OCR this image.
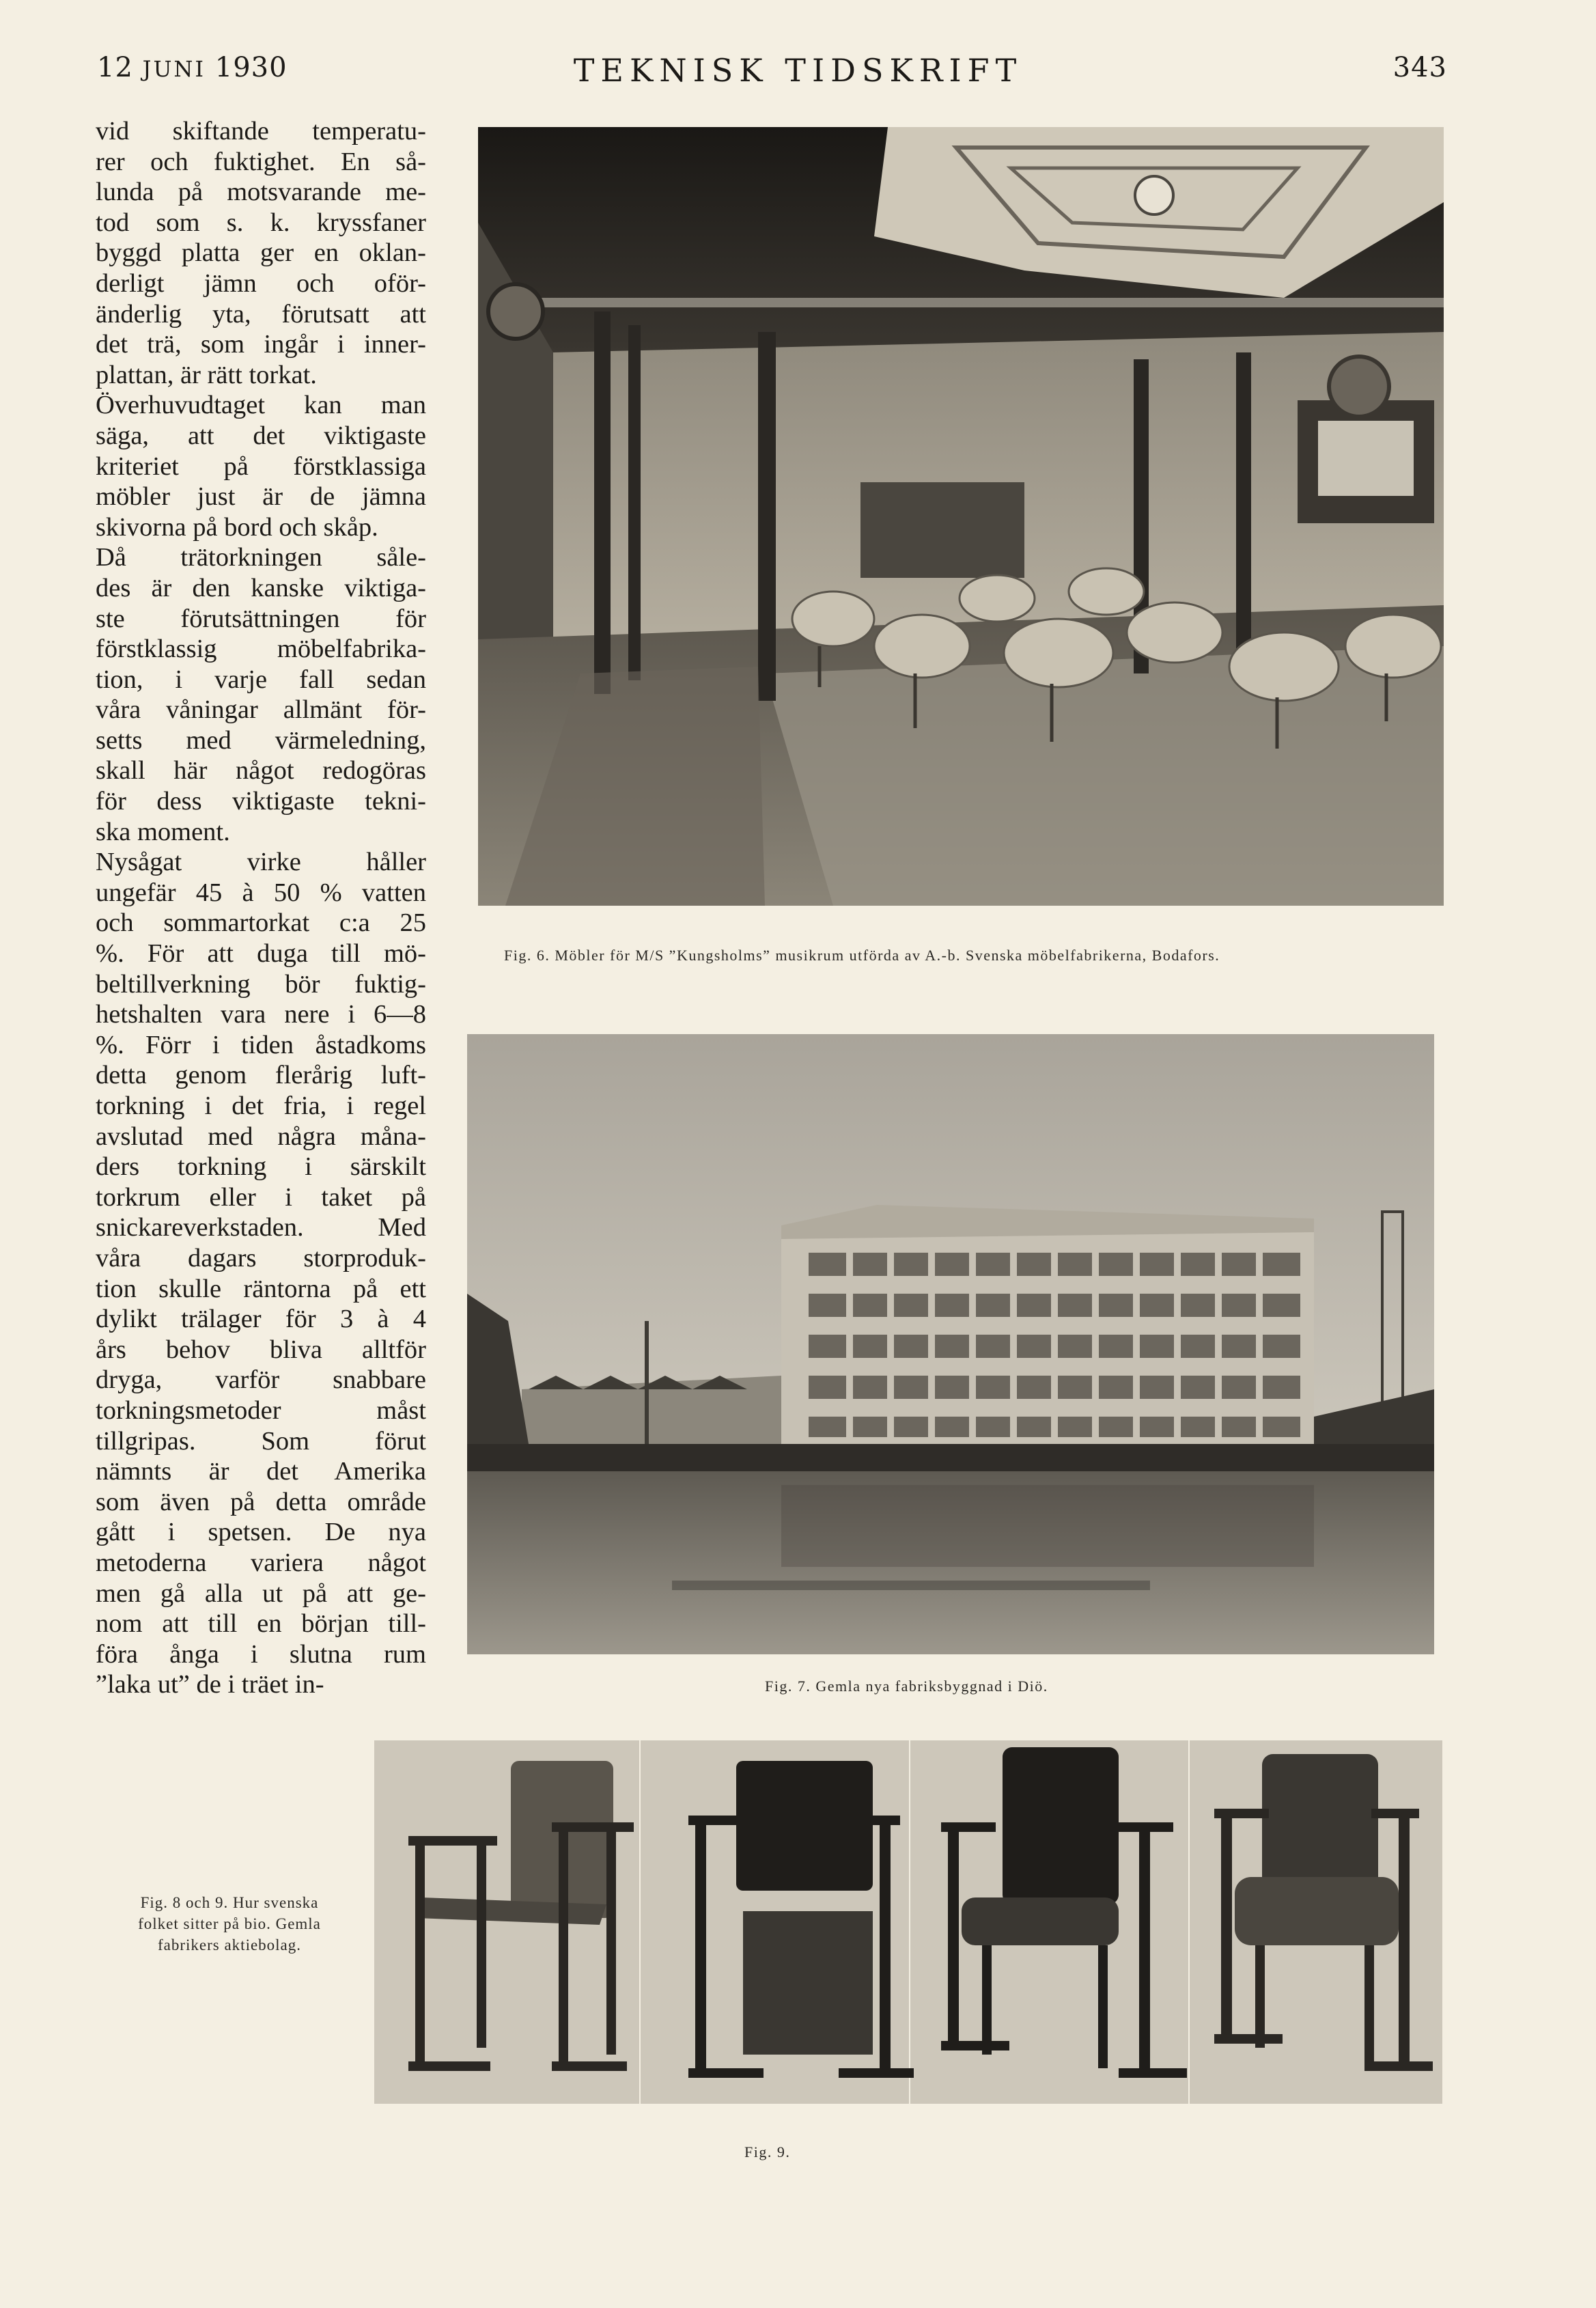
12 JUNI 1930	TEKNISK TIDSKRIFT	343
vid skiftande temperatu-
rer och fuktighet. En så-
lunda på motsvarande me-
tod som s. k. kryssfaner
byggd platta ger en oklan-
derligt jämn och oför-
änderlig yta, förutsatt att
det trä, som ingår i inner-
plattan, är rätt torkat.
Överhuvudtaget kan man
säga, att det viktigaste
kriteriet på förstklassiga
möbler just är de jämna
skivorna på bord och skåp.
Då trätorkningen såle-
des är den kanske viktiga-
ste förutsättningen för
förstklassig möbelfabrika-
tion, i varje fall sedan
våra våningar allmänt för-
setts med värmeledning,
skall här något redogöras
för dess viktigaste tekni-
ska moment.
Nysågat virke håller
ungefär 45 à 50 % vatten
och sommartorkat c:a 25
%. För att duga till mö-
beltillverkning bör fuktig-
hetshalten vara nere i 6—8
%. Förr i tiden åstadkoms
detta genom flerårig luft-
torkning i det fria, i regel
avslutad med några måna-
ders torkning i särskilt
torkrum eller i taket på
snickareverkstaden. Med
våra dagars storproduk-
tion skulle räntorna på ett
dylikt trälager för 3 à 4
års behov bliva alltför
dryga, varför snabbare
torkningsmetoder måst
tillgripas. Som förut
nämnts är det Amerika
som även på detta område
gått i spetsen. De nya
metoderna variera något
men gå alla ut på att ge-
nom att till en början till-
föra ånga i slutna rum
”laka ut” de i träet in-
Fig. 6. Möbler för M/S ”Kungsholms” musikrum utförda av A.-b. Svenska möbelfabrikerna, Bodafors.
Fig. 7. Gemla nya fabriksbyggnad i Diö.
Fig. 8 och 9. Hur svenska
folket sitter på bio. Gemla
fabrikers aktiebolag.
Fig. 9.
